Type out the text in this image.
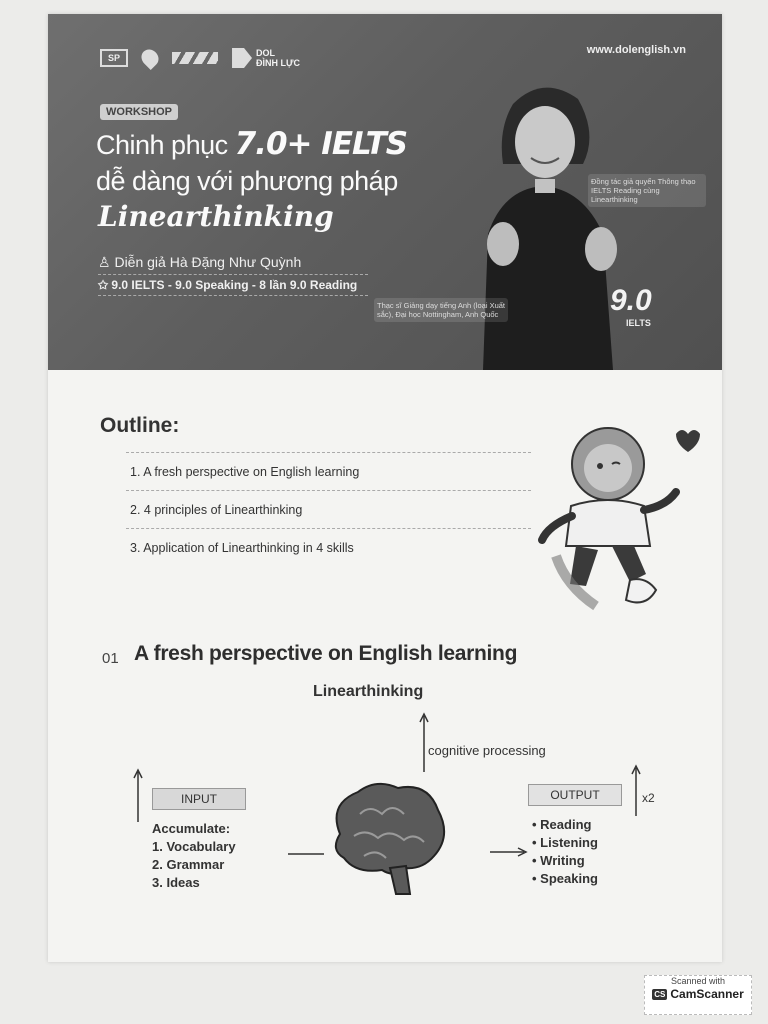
SP	DOL
ĐÌNH LỰC
www.dolenglish.vn
WORKSHOP
Chinh phục 7.0+ IELTS
dễ dàng với phương pháp
Linearthinking
♙ Diễn giả Hà Đặng Như Quỳnh
✩ 9.0 IELTS - 9.0 Speaking - 8 lần 9.0 Reading
Đồng tác giả quyển Thông thạo IELTS Reading cùng Linearthinking
Thạc sĩ Giảng dạy tiếng Anh (loại Xuất sắc), Đại học Nottingham, Anh Quốc	9.0
IELTS
Outline:
1. A fresh perspective on English learning
2. 4 principles of Linearthinking
3. Application of Linearthinking in 4 skills
01 A fresh perspective on English learning
Linearthinking
cognitive processing
INPUT	OUTPUT	x2
Accumulate:
1. Vocabulary
2. Grammar
3. Ideas
• Reading
• Listening
• Writing
• Speaking
Scanned with
CS CamScanner
